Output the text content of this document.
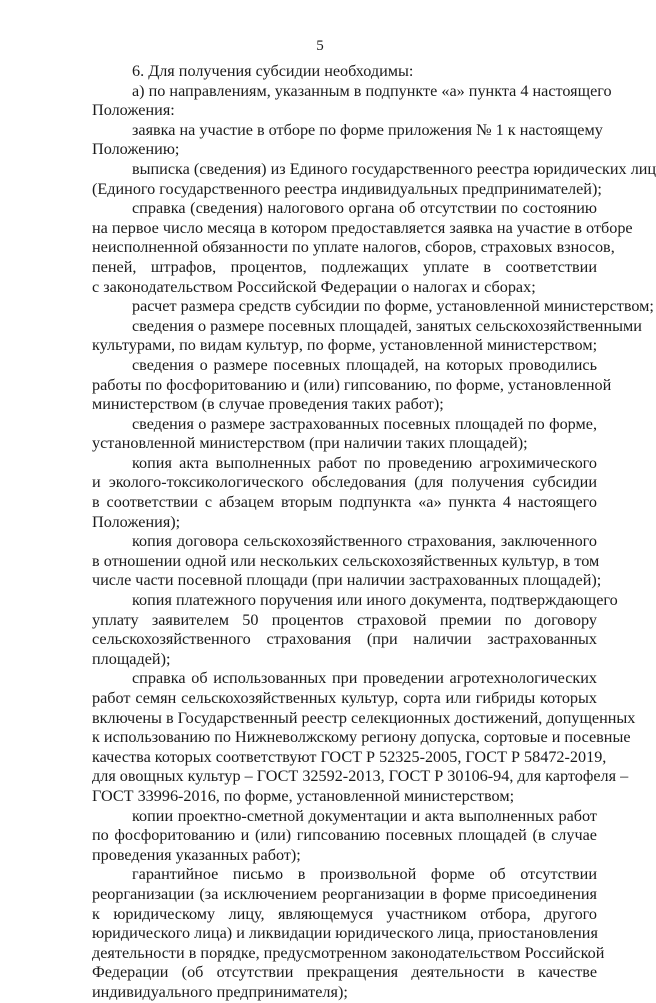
5
6. Для получения субсидии необходимы:
а) по направлениям, указанным в подпункте «а» пункта 4 настоящего
Положения:
заявка на участие в отборе по форме приложения № 1 к настоящему
Положению;
выписка (сведения) из Единого государственного реестра юридических лиц
(Единого государственного реестра индивидуальных предпринимателей);
справка (сведения) налогового органа об отсутствии по состоянию
на первое число месяца в котором предоставляется заявка на участие в отборе
неисполненной обязанности по уплате налогов, сборов, страховых взносов,
пеней, штрафов, процентов, подлежащих уплате в соответствии
с законодательством Российской Федерации о налогах и сборах;
расчет размера средств субсидии по форме, установленной министерством;
сведения о размере посевных площадей, занятых сельскохозяйственными
культурами, по видам культур, по форме, установленной министерством;
сведения о размере посевных площадей, на которых проводились
работы по фосфоритованию и (или) гипсованию, по форме, установленной
министерством (в случае проведения таких работ);
сведения о размере застрахованных посевных площадей по форме,
установленной министерством (при наличии таких площадей);
копия акта выполненных работ по проведению агрохимического
и эколого-токсикологического обследования (для получения субсидии
в соответствии с абзацем вторым подпункта «а» пункта 4 настоящего
Положения);
копия договора сельскохозяйственного страхования, заключенного
в отношении одной или нескольких сельскохозяйственных культур, в том
числе части посевной площади (при наличии застрахованных площадей);
копия платежного поручения или иного документа, подтверждающего
уплату заявителем 50 процентов страховой премии по договору
сельскохозяйственного страхования (при наличии застрахованных
площадей);
справка об использованных при проведении агротехнологических
работ семян сельскохозяйственных культур, сорта или гибриды которых
включены в Государственный реестр селекционных достижений, допущенных
к использованию по Нижневолжскому региону допуска, сортовые и посевные
качества которых соответствуют ГОСТ Р 52325-2005, ГОСТ Р 58472-2019,
для овощных культур – ГОСТ 32592-2013, ГОСТ Р 30106-94, для картофеля –
ГОСТ 33996-2016, по форме, установленной министерством;
копии проектно-сметной документации и акта выполненных работ
по фосфоритованию и (или) гипсованию посевных площадей (в случае
проведения указанных работ);
гарантийное письмо в произвольной форме об отсутствии
реорганизации (за исключением реорганизации в форме присоединения
к юридическому лицу, являющемуся участником отбора, другого
юридического лица) и ликвидации юридического лица, приостановления
деятельности в порядке, предусмотренном законодательством Российской
Федерации (об отсутствии прекращения деятельности в качестве
индивидуального предпринимателя);
